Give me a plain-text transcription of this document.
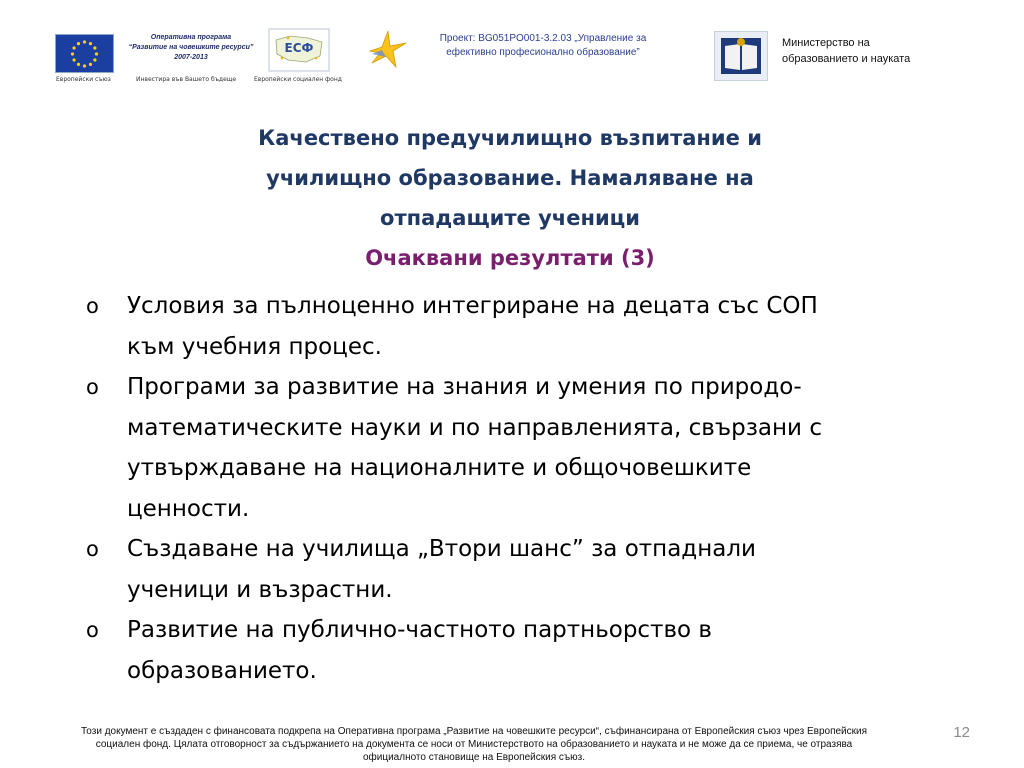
Европейски съюз
Оперативна програма
“Развитие на човешките ресурси”
2007-2013
Инвестира във Вашето бъдеще
ЕСФ
Европейски социален фонд
Проект: BG051PO001-3.2.03 „Управление за
ефективно професионално образование”
Министерство на
образованието и науката

Качествено предучилищно възпитание и

училищно образование. Намаляване на

отпадащите ученици

Очаквани резултати (3)

o	Условия за пълноценно интегриране на децата със СОП
към учебния процес.
o	Програми за развитие на знания и умения по природо-
математическите науки и по направленията, свързани с
утвърждаване на националните и общочовешките
ценности.
o	Създаване на училища „Втори шанс” за отпаднали
ученици и възрастни.
o	Развитие на публично-частното партньорство в
образованието.
Този документ е създаден с финансовата подкрепа на Оперативна програма „Развитие на човешките ресурси“, съфинансирана от Европейския съюз чрез Европейския
социален фонд. Цялата отговорност за съдържанието на документа се носи от Министерството на образованието и науката и не може да се приема, че отразява
официалното становище на Европейския съюз.
12
